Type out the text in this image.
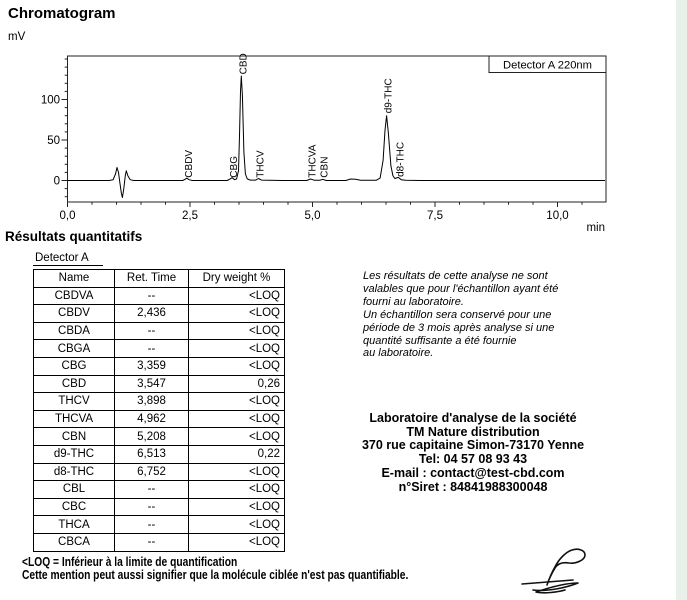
0,0	2,5	5,0	7,5	10,0
min
0
50
100
Detector A 220nm
CBDV	CBG
CBD
THCV	THCVA CBN
d9-THC
d8-THC
Chromatogram
mV
Résultats quantitatifs
Detector A
Name	Ret. Time	Dry weight %
CBDVA	--	<LOQ
CBDV	2,436	<LOQ
CBDA	--	<LOQ
CBGA	--	<LOQ
CBG	3,359	<LOQ
CBD	3,547	0,26
THCV	3,898	<LOQ
THCVA	4,962	<LOQ
CBN	5,208	<LOQ
d9-THC	6,513	0,22
d8-THC	6,752	<LOQ
CBL	--	<LOQ
CBC	--	<LOQ
THCA	--	<LOQ
CBCA	--	<LOQ
Les résultats de cette analyse ne sont
valables que pour l'échantillon ayant été
fourni au laboratoire.
Un échantillon sera conservé pour une
période de 3 mois après analyse si une
quantité suffisante a été fournie
au laboratoire.
Laboratoire d'analyse de la société
TM Nature distribution
370 rue capitaine Simon-73170 Yenne
Tel: 04 57 08 93 43
E-mail : contact@test-cbd.com
n°Siret : 84841988300048
<LOQ = Inférieur à la limite de quantification
Cette mention peut aussi signifier que la molécule ciblée n'est pas quantifiable.
